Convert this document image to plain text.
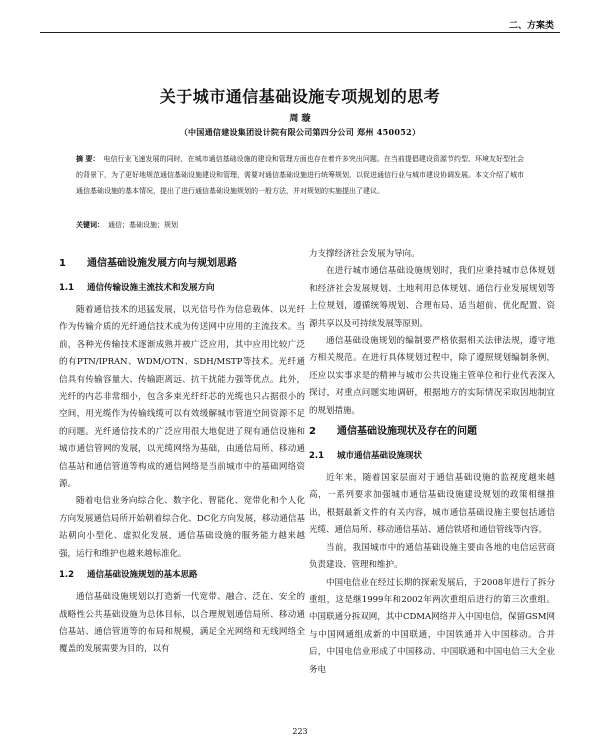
二、方案类
关于城市通信基础设施专项规划的思考
周 璇
（中国通信建设集团设计院有限公司第四分公司 郑州 450052）
摘 要： 电信行业飞速发展的同时，在城市通信基础设施的建设和管理方面也存在着许多突出问题。在当前提倡建设资源节约型、环境友好型社会的背景下，为了更好地规范通信基础设施建设和管理，需要对通信基础设施进行统筹规划，以促进通信行业与城市建设协调发展。本文介绍了城市通信基础设施的基本情况，提出了进行通信基础设施规划的一般方法，并对规划的实施提出了建议。
关键词： 通信；基础设施；规划
1 通信基础设施发展方向与规划思路
1.1 通信传输设施主流技术和发展方向

随着通信技术的迅猛发展，以光信号作为信息载体、以光纤作为传输介质的光纤通信技术成为传送网中应用的主流技术。当前，各种光传输技术逐渐成熟并被广泛应用，其中应用比较广泛的有PTN/IPRAN、WDM/OTN、SDH/MSTP等技术。光纤通信具有传输容量大、传输距离远、抗干扰能力强等优点。此外，光纤的内芯非常细小，包含多束光纤纤芯的光缆也只占据很小的空间，用光缆作为传输线缆可以有效缓解城市管道空间资源不足的问题。光纤通信技术的广泛应用很大地促进了现有通信设施和城市通信管网的发展，以光缆网络为基础，由通信局所、移动通信基站和通信管道等构成的通信网络是当前城市中的基础网络资源。

随着电信业务向综合化、数字化、智能化、宽带化和个人化方向发展通信局所开始朝着综合化、DC化方向发展，移动通信基站朝向小型化、虚拟化发展，通信基础设施的服务能力越来越强，运行和维护也越来越标准化。

1.2 通信基础设施规划的基本思路

通信基础设施规划以打造新一代宽带、融合、泛在、安全的战略性公共基础设施为总体目标，以合理规划通信局所、移动通信基站、通信管道等的布局和规模，满足全光网络和无线网络全覆盖的发展需要为目的，以有

力支撑经济社会发展为导向。

在进行城市通信基础设施规划时，我们应秉持城市总体规划和经济社会发展规划、土地利用总体规划、通信行业发展规划等上位规划，遵循统筹规划、合理布局、适当超前、优化配置、资源共享以及可持续发展等原则。

通信基础设施规划的编制要严格依据相关法律法规，遵守地方相关规范。在进行具体规划过程中，除了遵照规划编制条例，还应以实事求是的精神与城市公共设施主管单位和行业代表深入探讨，对重点问题实地调研，根据地方的实际情况采取因地制宜的规划措施。

2 通信基础设施现状及存在的问题
2.1 城市通信基础设施现状

近年来，随着国家层面对于通信基础设施的监视度越来越高，一系列要求加强城市通信基础设施建设规划的政策相继推出，根据最新文件的有关内容，城市通信基础设施主要包括通信光缆、通信局所、移动通信基站、通信铁塔和通信管线等内容。

当前，我国城市中的通信基础设施主要由各地的电信运营商负责建设、管理和维护。

中国电信业在经过长期的探索发展后，于2008年进行了拆分重组，这是继1999年和2002年两次重组后进行的第三次重组。中国联通分拆双网，其中CDMA网络并入中国电信，保留GSM网与中国网通组成新的中国联通，中国铁通并入中国移动。合并后，中国电信业形成了中国移动、中国联通和中国电信三大全业务电

223
